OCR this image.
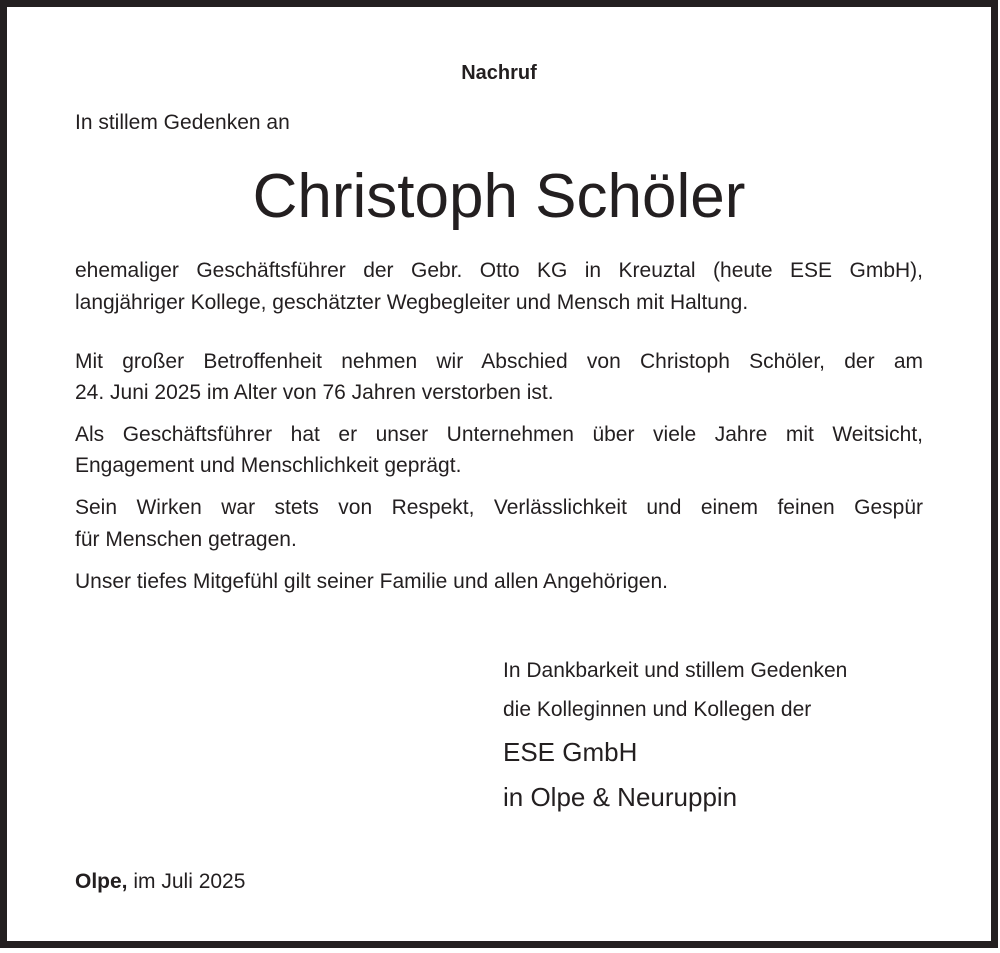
Nachruf
In stillem Gedenken an
Christoph Schöler
ehemaliger Geschäftsführer der Gebr. Otto KG in Kreuztal (heute ESE GmbH),
langjähriger Kollege, geschätzter Wegbegleiter und Mensch mit Haltung.
Mit großer Betroffenheit nehmen wir Abschied von Christoph Schöler, der am
24. Juni 2025 im Alter von 76 Jahren verstorben ist.
Als Geschäftsführer hat er unser Unternehmen über viele Jahre mit Weitsicht,
Engagement und Menschlichkeit geprägt.
Sein Wirken war stets von Respekt, Verlässlichkeit und einem feinen Gespür
für Menschen getragen.
Unser tiefes Mitgefühl gilt seiner Familie und allen Angehörigen.
In Dankbarkeit und stillem Gedenken
die Kolleginnen und Kollegen der
ESE GmbH
in Olpe & Neuruppin
Olpe, im Juli 2025
